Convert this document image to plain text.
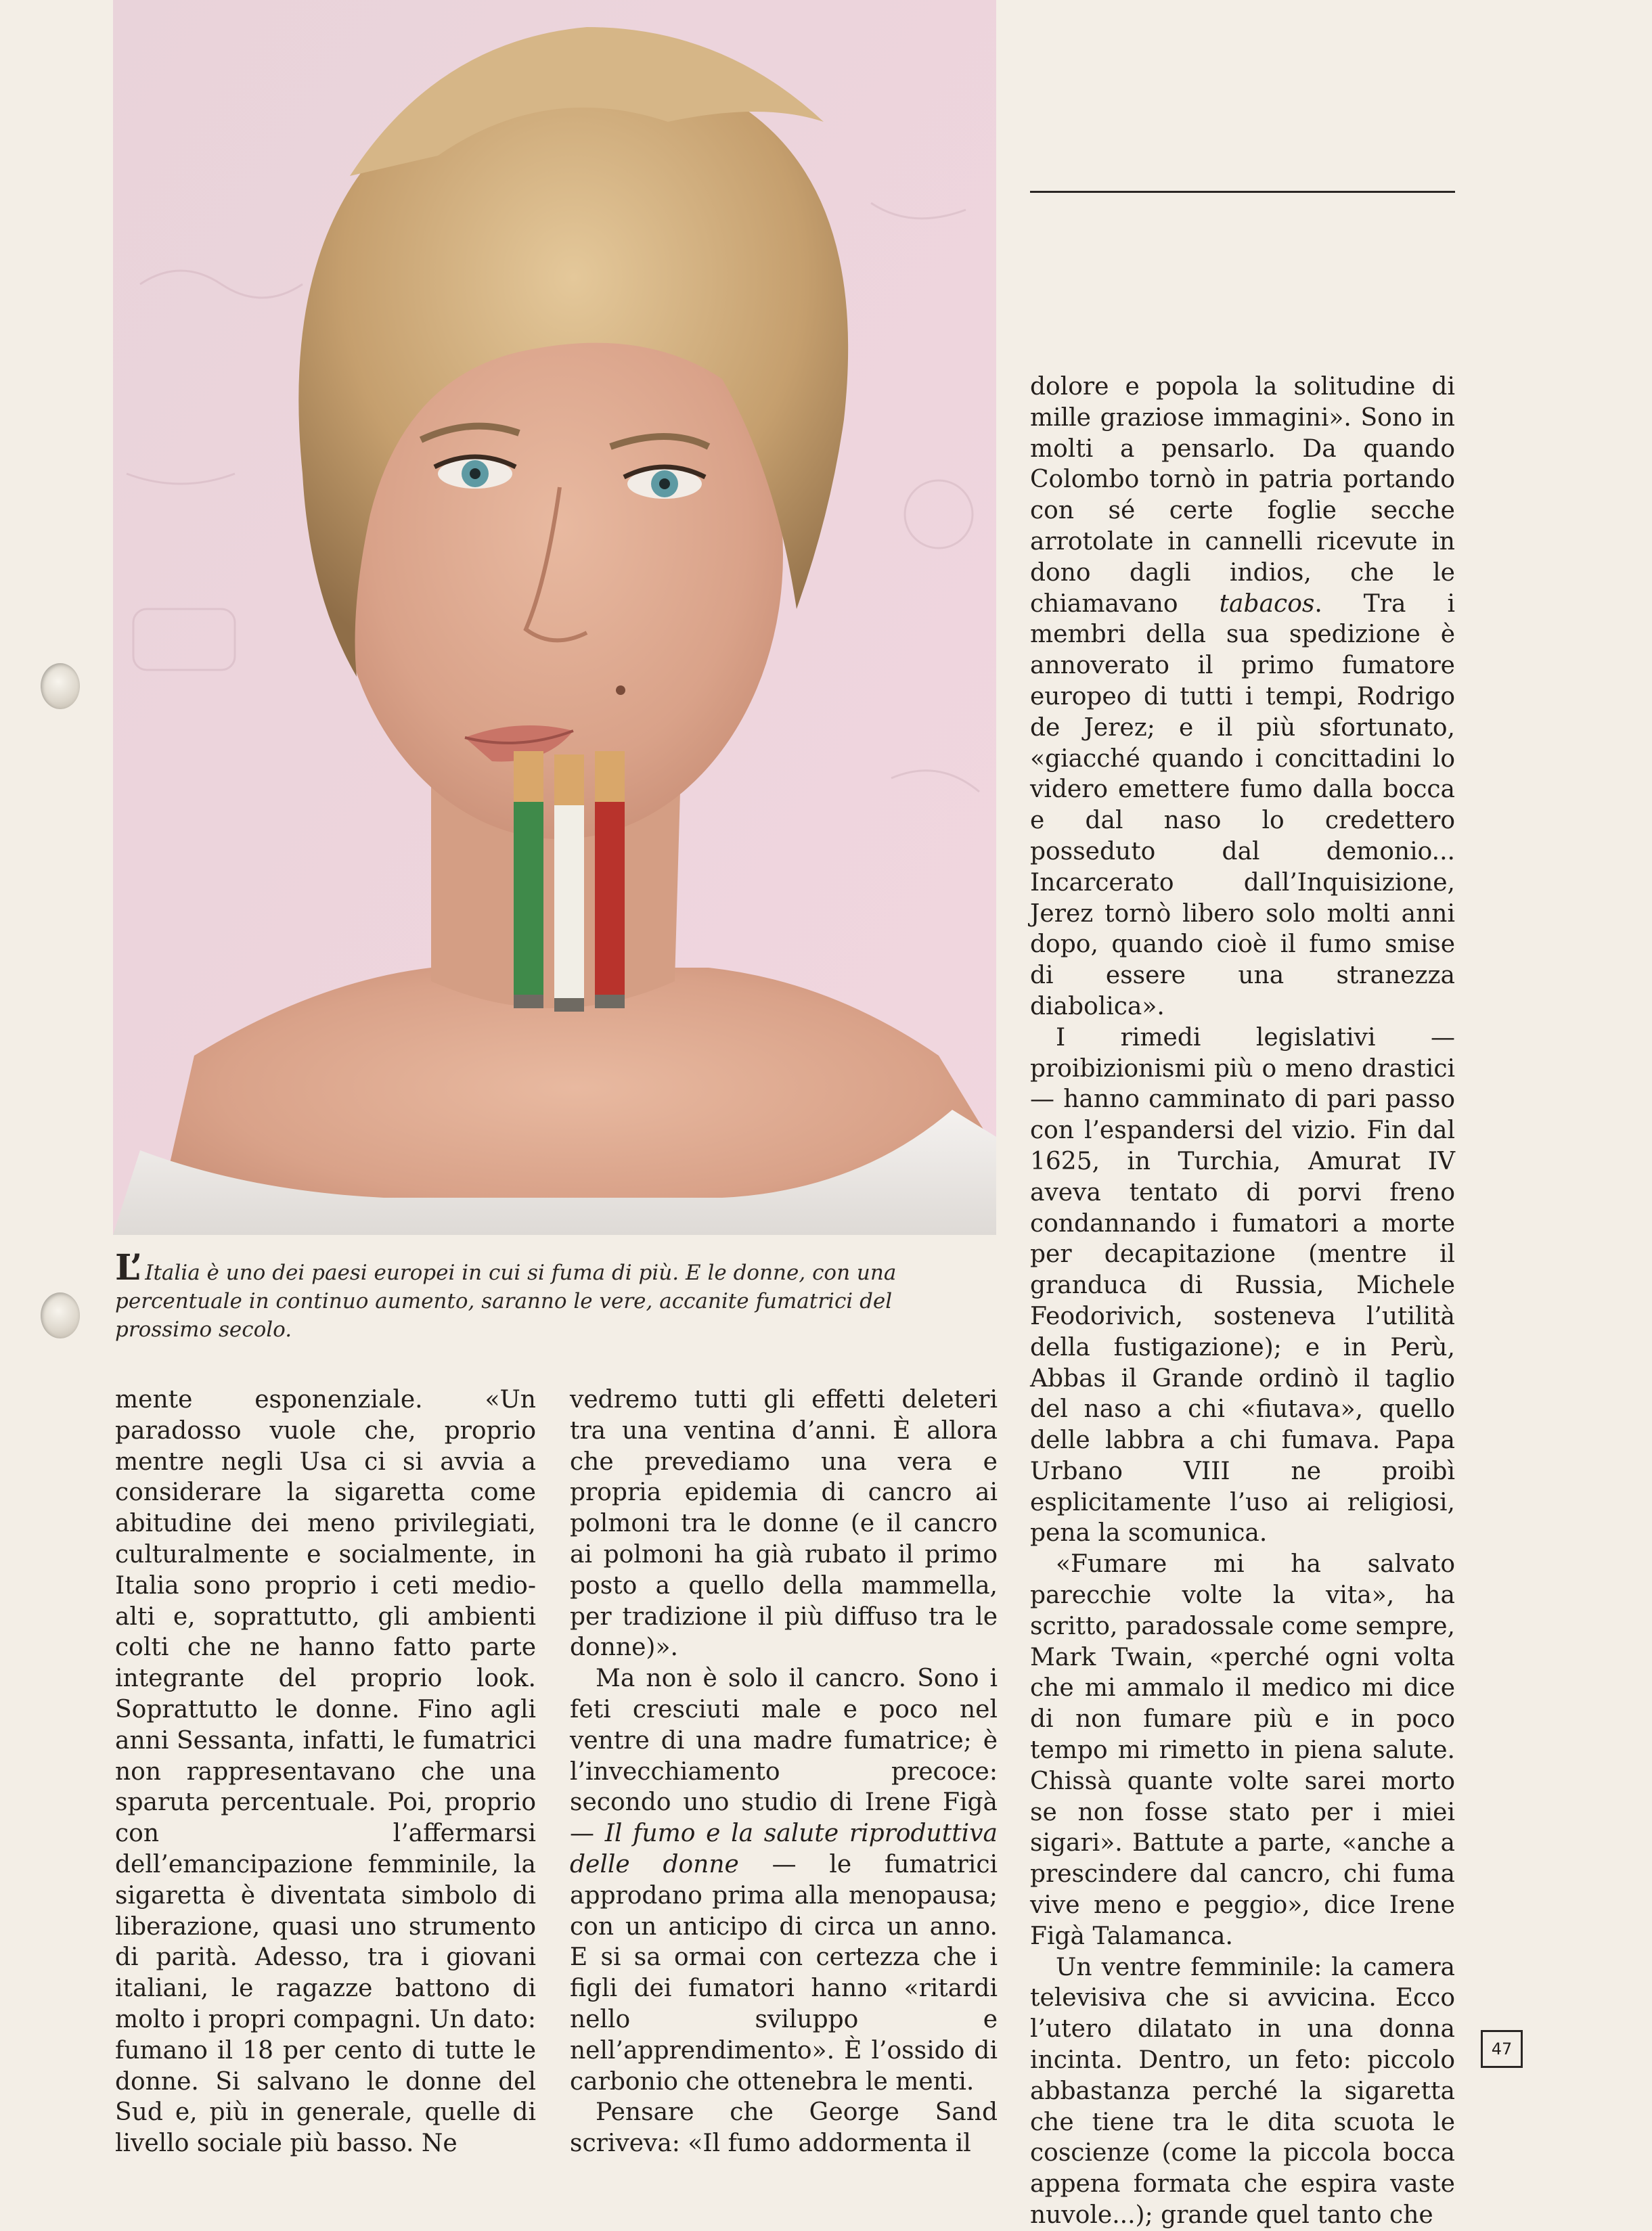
L’ Italia è uno dei paesi europei in cui si fuma di più. E le donne, con una percentuale in continuo aumento, saranno le vere, accanite fumatrici del prossimo secolo.

mente esponenziale. «Un paradosso vuole che, proprio mentre negli Usa ci si avvia a considerare la sigaretta come abitudine dei meno privilegiati, culturalmente e socialmente, in Italia sono proprio i ceti medio-alti e, soprattutto, gli ambienti colti che ne hanno fatto parte integrante del proprio look. Soprattutto le donne. Fino agli anni Sessanta, infatti, le fumatrici non rappresentavano che una sparuta percentuale. Poi, proprio con l’affermarsi dell’emancipazione femminile, la sigaretta è diventata simbolo di liberazione, quasi uno strumento di parità. Adesso, tra i giovani italiani, le ragazze battono di molto i propri compagni. Un dato: fumano il 18 per cento di tutte le donne. Si salvano le donne del Sud e, più in generale, quelle di livello sociale più basso. Ne

vedremo tutti gli effetti deleteri tra una ventina d’anni. È allora che prevediamo una vera e propria epidemia di cancro ai polmoni tra le donne (e il cancro ai polmoni ha già rubato il primo posto a quello della mammella, per tradizione il più diffuso tra le donne)».

Ma non è solo il cancro. Sono i feti cresciuti male e poco nel ventre di una madre fumatrice; è l’invecchiamento precoce: secondo uno studio di Irene Figà — Il fumo e la salute riproduttiva delle donne — le fumatrici approdano prima alla menopausa; con un anticipo di circa un anno. E si sa ormai con certezza che i figli dei fumatori hanno «ritardi nello sviluppo e nell’apprendimento». È l’ossido di carbonio che ottenebra le menti.

Pensare che George Sand scriveva: «Il fumo addormenta il

dolore e popola la solitudine di mille graziose immagini». Sono in molti a pensarlo. Da quando Colombo tornò in patria portando con sé certe foglie secche arrotolate in cannelli ricevute in dono dagli indios, che le chiamavano tabacos. Tra i membri della sua spedizione è annoverato il primo fumatore europeo di tutti i tempi, Rodrigo de Jerez; e il più sfortunato, «giacché quando i concittadini lo videro emettere fumo dalla bocca e dal naso lo credettero posseduto dal demonio... Incarcerato dall’Inquisizione, Jerez tornò libero solo molti anni dopo, quando cioè il fumo smise di essere una stranezza diabolica».

I rimedi legislativi — proibizionismi più o meno drastici — hanno camminato di pari passo con l’espandersi del vizio. Fin dal 1625, in Turchia, Amurat IV aveva tentato di porvi freno condannando i fumatori a morte per decapitazione (mentre il granduca di Russia, Michele Feodorivich, sosteneva l’utilità della fustigazione); e in Perù, Abbas il Grande ordinò il taglio del naso a chi «fiutava», quello delle labbra a chi fumava. Papa Urbano VIII ne proibì esplicitamente l’uso ai religiosi, pena la scomunica.

«Fumare mi ha salvato parecchie volte la vita», ha scritto, paradossale come sempre, Mark Twain, «perché ogni volta che mi ammalo il medico mi dice di non fumare più e in poco tempo mi rimetto in piena salute. Chissà quante volte sarei morto se non fosse stato per i miei sigari». Battute a parte, «anche a prescindere dal cancro, chi fuma vive meno e peggio», dice Irene Figà Talamanca.

Un ventre femminile: la camera televisiva che si avvicina. Ecco l’utero dilatato in una donna incinta. Dentro, un feto: piccolo abbastanza perché la sigaretta che tiene tra le dita scuota le coscienze (come la piccola bocca appena formata che espira vaste nuvole...); grande quel tanto che

47
